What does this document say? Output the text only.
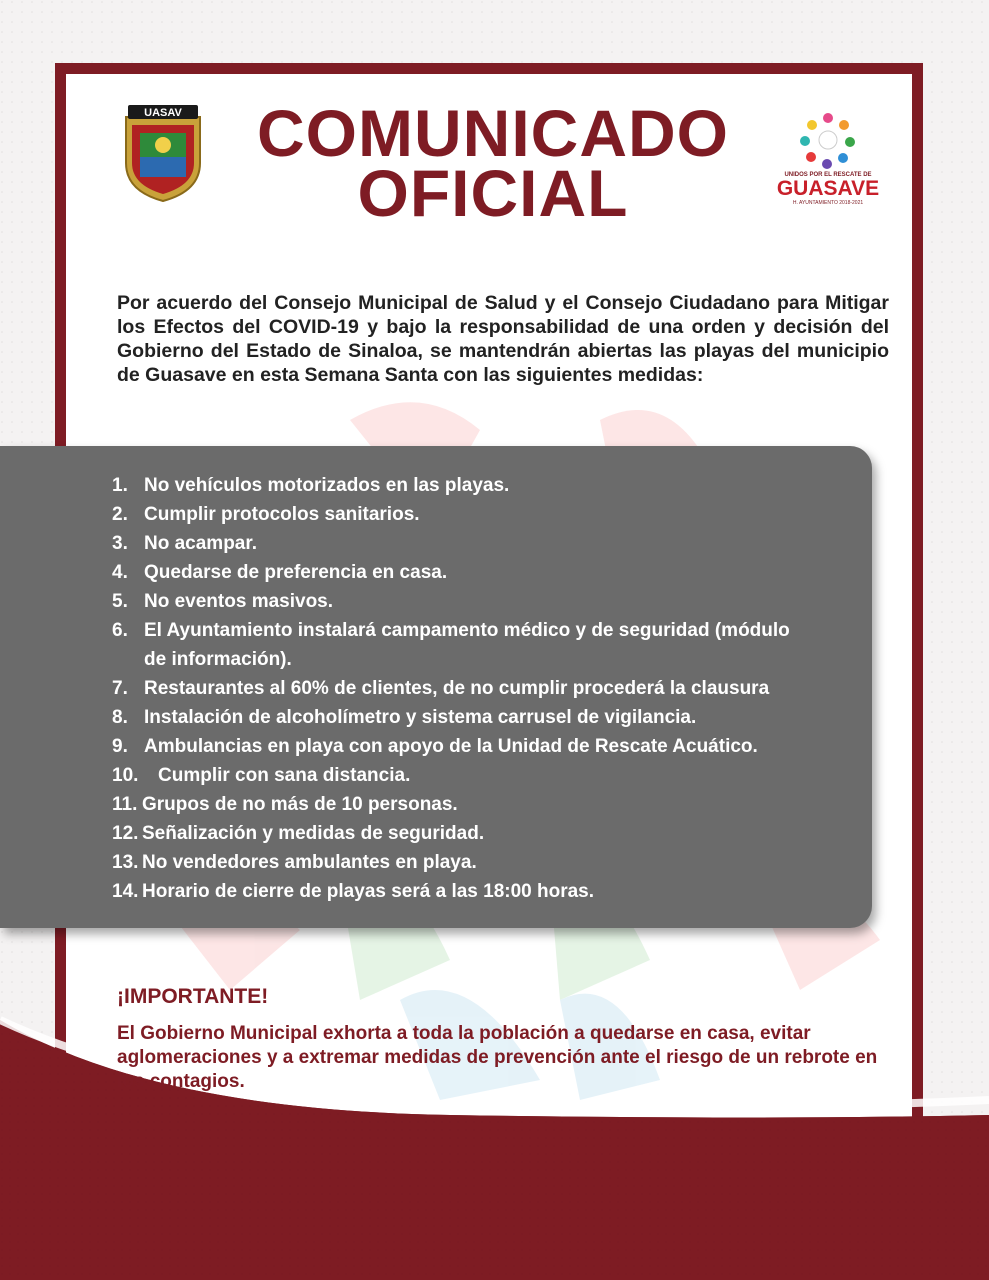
UASAV	COMUNICADO
OFICIAL	UNIDOS POR EL RESCATE DE
GUASAVE
H. AYUNTAMIENTO 2018-2021
Por acuerdo del Consejo Municipal de Salud y el Consejo Ciudadano para Mitigar los Efectos del COVID-19 y bajo la responsabilidad de una orden y decisión del Gobierno del Estado de Sinaloa, se mantendrán abiertas las playas del municipio de Guasave en esta Semana Santa con las siguientes medidas:
1. No vehículos motorizados en las playas.
2. Cumplir protocolos sanitarios.
3. No acampar.
4. Quedarse de preferencia en casa.
5. No eventos masivos.
6. El Ayuntamiento instalará campamento médico y de seguridad (módulo de información).
7. Restaurantes al 60% de clientes, de no cumplir procederá la clausura
8. Instalación de alcoholímetro y sistema carrusel de vigilancia.
9. Ambulancias en playa con apoyo de la Unidad de Rescate Acuático.
10.	Cumplir con sana distancia.
11. Grupos de no más de 10 personas.
12. Señalización y medidas de seguridad.
13. No vendedores ambulantes en playa.
14. Horario de cierre de playas será a las 18:00 horas.
¡IMPORTANTE!
El Gobierno Municipal exhorta a toda la población a quedarse en casa, evitar aglomeraciones y a extremar medidas de prevención ante el riesgo de un rebrote en los contagios.
